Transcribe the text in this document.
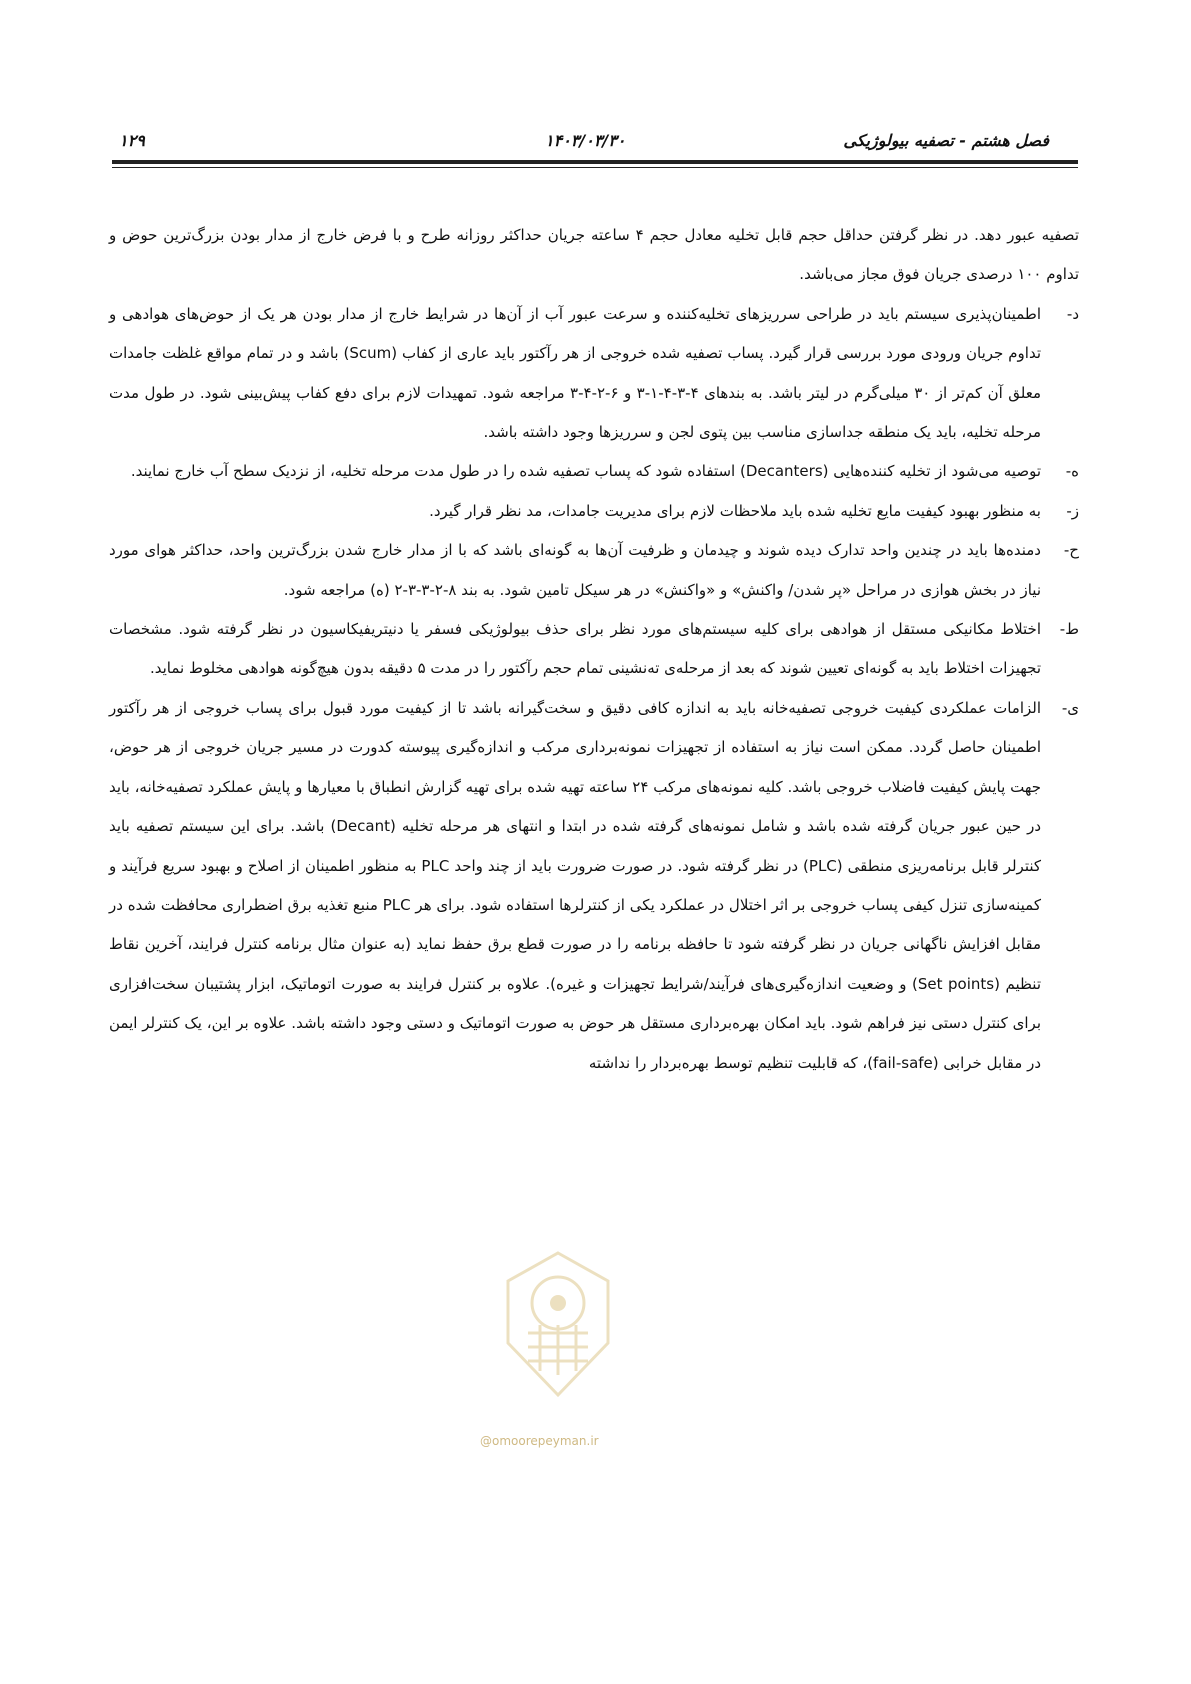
فصل هشتم - تصفیه بیولوژیکی
۱۴۰۳/۰۳/۳۰
۱۲۹

تصفیه عبور دهد. در نظر گرفتن حداقل حجم قابل تخلیه معادل حجم ۴ ساعته جریان حداکثر روزانه طرح و با فرض خارج از مدار بودن بزرگ‌ترین حوض و تداوم ۱۰۰ درصدی جریان فوق مجاز می‌باشد.

د-
اطمینان‌پذیری سیستم باید در طراحی سرریزهای تخلیه‌کننده و سرعت عبور آب از آن‌ها در شرایط خارج از مدار بودن هر یک از حوض‌های هوادهی و تداوم جریان ورودی مورد بررسی قرار گیرد. پساب تصفیه شده خروجی از هر رآکتور باید عاری از کفاب (Scum) باشد و در تمام مواقع غلظت جامدات معلق آن کم‌تر از ۳۰ میلی‌گرم در لیتر باشد. به بندهای ۴-۳-۴-۱-۳ و ۶-۲-۴-۳ مراجعه شود. تمهیدات لازم برای دفع کفاب پیش‌بینی شود. در طول مدت مرحله تخلیه، باید یک منطقه جداسازی مناسب بین پتوی لجن و سرریزها وجود داشته باشد.
ه-
توصیه می‌شود از تخلیه کننده‌هایی (Decanters) استفاده شود که پساب تصفیه شده را در طول مدت مرحله تخلیه، از نزدیک سطح آب خارج نمایند.
ز-
به منظور بهبود کیفیت مایع تخلیه شده باید ملاحظات لازم برای مدیریت جامدات، مد نظر قرار گیرد.
ح-
دمنده‌ها باید در چندین واحد تدارک دیده شوند و چیدمان و ظرفیت آن‌ها به گونه‌ای باشد که با از مدار خارج شدن بزرگ‌ترین واحد، حداکثر هوای مورد نیاز در بخش هوازی در مراحل «پر شدن/ واکنش» و «واکنش» در هر سیکل تامین شود. به بند ۸-۲-۳-۳-۲ (ه) مراجعه شود.
ط-
اختلاط مکانیکی مستقل از هوادهی برای کلیه سیستم‌های مورد نظر برای حذف بیولوژیکی فسفر یا دنیتریفیکاسیون در نظر گرفته شود. مشخصات تجهیزات اختلاط باید به گونه‌ای تعیین شوند که بعد از مرحله‌ی ته‌نشینی تمام حجم رآکتور را در مدت ۵ دقیقه بدون هیچ‌گونه هوادهی مخلوط نماید.
ی-
الزامات عملکردی کیفیت خروجی تصفیه‌خانه باید به اندازه کافی دقیق و سخت‌گیرانه باشد تا از کیفیت مورد قبول برای پساب خروجی از هر رآکتور اطمینان حاصل گردد. ممکن است نیاز به استفاده از تجهیزات نمونه‌برداری مرکب و اندازه‌گیری پیوسته کدورت در مسیر جریان خروجی از هر حوض، جهت پایش کیفیت فاضلاب خروجی باشد. کلیه نمونه‌های مرکب ۲۴ ساعته تهیه شده برای تهیه گزارش انطباق با معیارها و پایش عملکرد تصفیه‌خانه، باید در حین عبور جریان گرفته شده باشد و شامل نمونه‌های گرفته شده در ابتدا و انتهای هر مرحله تخلیه (Decant) باشد. برای این سیستم تصفیه باید کنترلر قابل برنامه‌ریزی منطقی (PLC) در نظر گرفته شود. در صورت ضرورت باید از چند واحد PLC به منظور اطمینان از اصلاح و بهبود سریع فرآیند و کمینه‌سازی تنزل کیفی پساب خروجی بر اثر اختلال در عملکرد یکی از کنترلرها استفاده شود. برای هر PLC منبع تغذیه برق اضطراری محافظت شده در مقابل افزایش ناگهانی جریان در نظر گرفته شود تا حافظه برنامه را در صورت قطع برق حفظ نماید (به عنوان مثال برنامه کنترل فرایند، آخرین نقاط تنظیم (Set points) و وضعیت اندازه‌گیری‌های فرآیند/شرایط تجهیزات و غیره). علاوه بر کنترل فرایند به صورت اتوماتیک، ابزار پشتیبان سخت‌افزاری برای کنترل دستی نیز فراهم شود. باید امکان بهره‌برداری مستقل هر حوض به صورت اتوماتیک و دستی وجود داشته باشد. علاوه بر این، یک کنترلر ایمن در مقابل خرابی (fail-safe)، که قابلیت تنظیم توسط بهره‌بردار را نداشته
@omoorepeyman.ir
